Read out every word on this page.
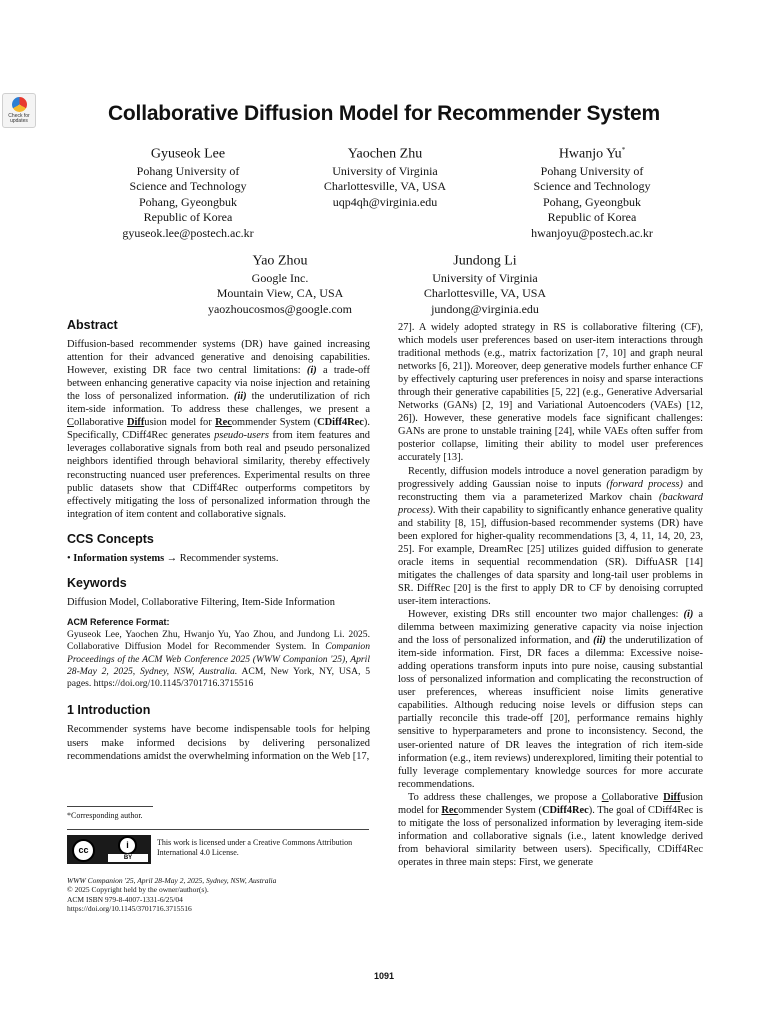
Check for updates	Collaborative Diffusion Model for Recommender System
Gyuseok Lee
Pohang University of
Science and Technology
Pohang, Gyeongbuk
Republic of Korea
gyuseok.lee@postech.ac.kr
Yaochen Zhu
University of Virginia
Charlottesville, VA, USA
uqp4qh@virginia.edu
Hwanjo Yu*
Pohang University of
Science and Technology
Pohang, Gyeongbuk
Republic of Korea
hwanjoyu@postech.ac.kr
Yao Zhou
Google Inc.
Mountain View, CA, USA
yaozhoucosmos@google.com
Jundong Li
University of Virginia
Charlottesville, VA, USA
jundong@virginia.edu
Abstract

Diffusion-based recommender systems (DR) have gained increasing attention for their advanced generative and denoising capabilities. However, existing DR face two central limitations: (i) a trade-off between enhancing generative capacity via noise injection and retaining the loss of personalized information. (ii) the underutilization of rich item-side information. To address these challenges, we present a Collaborative Diffusion model for Recommender System (CDiff4Rec). Specifically, CDiff4Rec generates pseudo-users from item features and leverages collaborative signals from both real and pseudo personalized neighbors identified through behavioral similarity, thereby effectively reconstructing nuanced user preferences. Experimental results on three public datasets show that CDiff4Rec outperforms competitors by effectively mitigating the loss of personalized information through the integration of item content and collaborative signals.

CCS Concepts

• Information systems → Recommender systems.

Keywords

Diffusion Model, Collaborative Filtering, Item-Side Information

ACM Reference Format:

Gyuseok Lee, Yaochen Zhu, Hwanjo Yu, Yao Zhou, and Jundong Li. 2025. Collaborative Diffusion Model for Recommender System. In Companion Proceedings of the ACM Web Conference 2025 (WWW Companion '25), April 28-May 2, 2025, Sydney, NSW, Australia. ACM, New York, NY, USA, 5 pages. https://doi.org/10.1145/3701716.3715516

1 Introduction

Recommender systems have become indispensable tools for helping users make informed decisions by delivering personalized recommendations amidst the overwhelming information on the Web [17,

*Corresponding author.
cc	i
BY
This work is licensed under a Creative Commons Attribution International 4.0 License.
WWW Companion '25, April 28-May 2, 2025, Sydney, NSW, Australia
© 2025 Copyright held by the owner/author(s).
ACM ISBN 979-8-4007-1331-6/25/04
https://doi.org/10.1145/3701716.3715516

27]. A widely adopted strategy in RS is collaborative filtering (CF), which models user preferences based on user-item interactions through traditional methods (e.g., matrix factorization [7, 10] and graph neural networks [6, 21]). Moreover, deep generative models further enhance CF by effectively capturing user preferences in noisy and sparse interactions through their generative capabilities [5, 22] (e.g., Generative Adversarial Networks (GANs) [2, 19] and Variational Autoencoders (VAEs) [12, 26]). However, these generative models face significant challenges: GANs are prone to unstable training [24], while VAEs often suffer from posterior collapse, limiting their ability to model user preferences accurately [13].

Recently, diffusion models introduce a novel generation paradigm by progressively adding Gaussian noise to inputs (forward process) and reconstructing them via a parameterized Markov chain (backward process). With their capability to significantly enhance generative quality and stability [8, 15], diffusion-based recommender systems (DR) have been explored for higher-quality recommendations [3, 4, 11, 14, 20, 23, 25]. For example, DreamRec [25] utilizes guided diffusion to generate oracle items in sequential recommendation (SR). DiffuASR [14] mitigates the challenges of data sparsity and long-tail user problems in SR. DiffRec [20] is the first to apply DR to CF by denoising corrupted user-item interactions.

However, existing DRs still encounter two major challenges: (i) a dilemma between maximizing generative capacity via noise injection and the loss of personalized information, and (ii) the underutilization of item-side information. First, DR faces a dilemma: Excessive noise-adding operations transform inputs into pure noise, causing substantial loss of personalized information and complicating the reconstruction of user preferences, whereas insufficient noise limits generative capabilities. Although reducing noise levels or diffusion steps can partially reconcile this trade-off [20], performance remains highly sensitive to hyperparameters and prone to inconsistency. Second, the user-oriented nature of DR leaves the integration of rich item-side information (e.g., item reviews) underexplored, limiting their potential to fully leverage complementary knowledge sources for more accurate recommendations.

To address these challenges, we propose a Collaborative Diffusion model for Recommender System (CDiff4Rec). The goal of CDiff4Rec is to mitigate the loss of personalized information by leveraging item-side information and collaborative signals (i.e., latent knowledge derived from behavioral similarity between users). Specifically, CDiff4Rec operates in three main steps: First, we generate

1091
